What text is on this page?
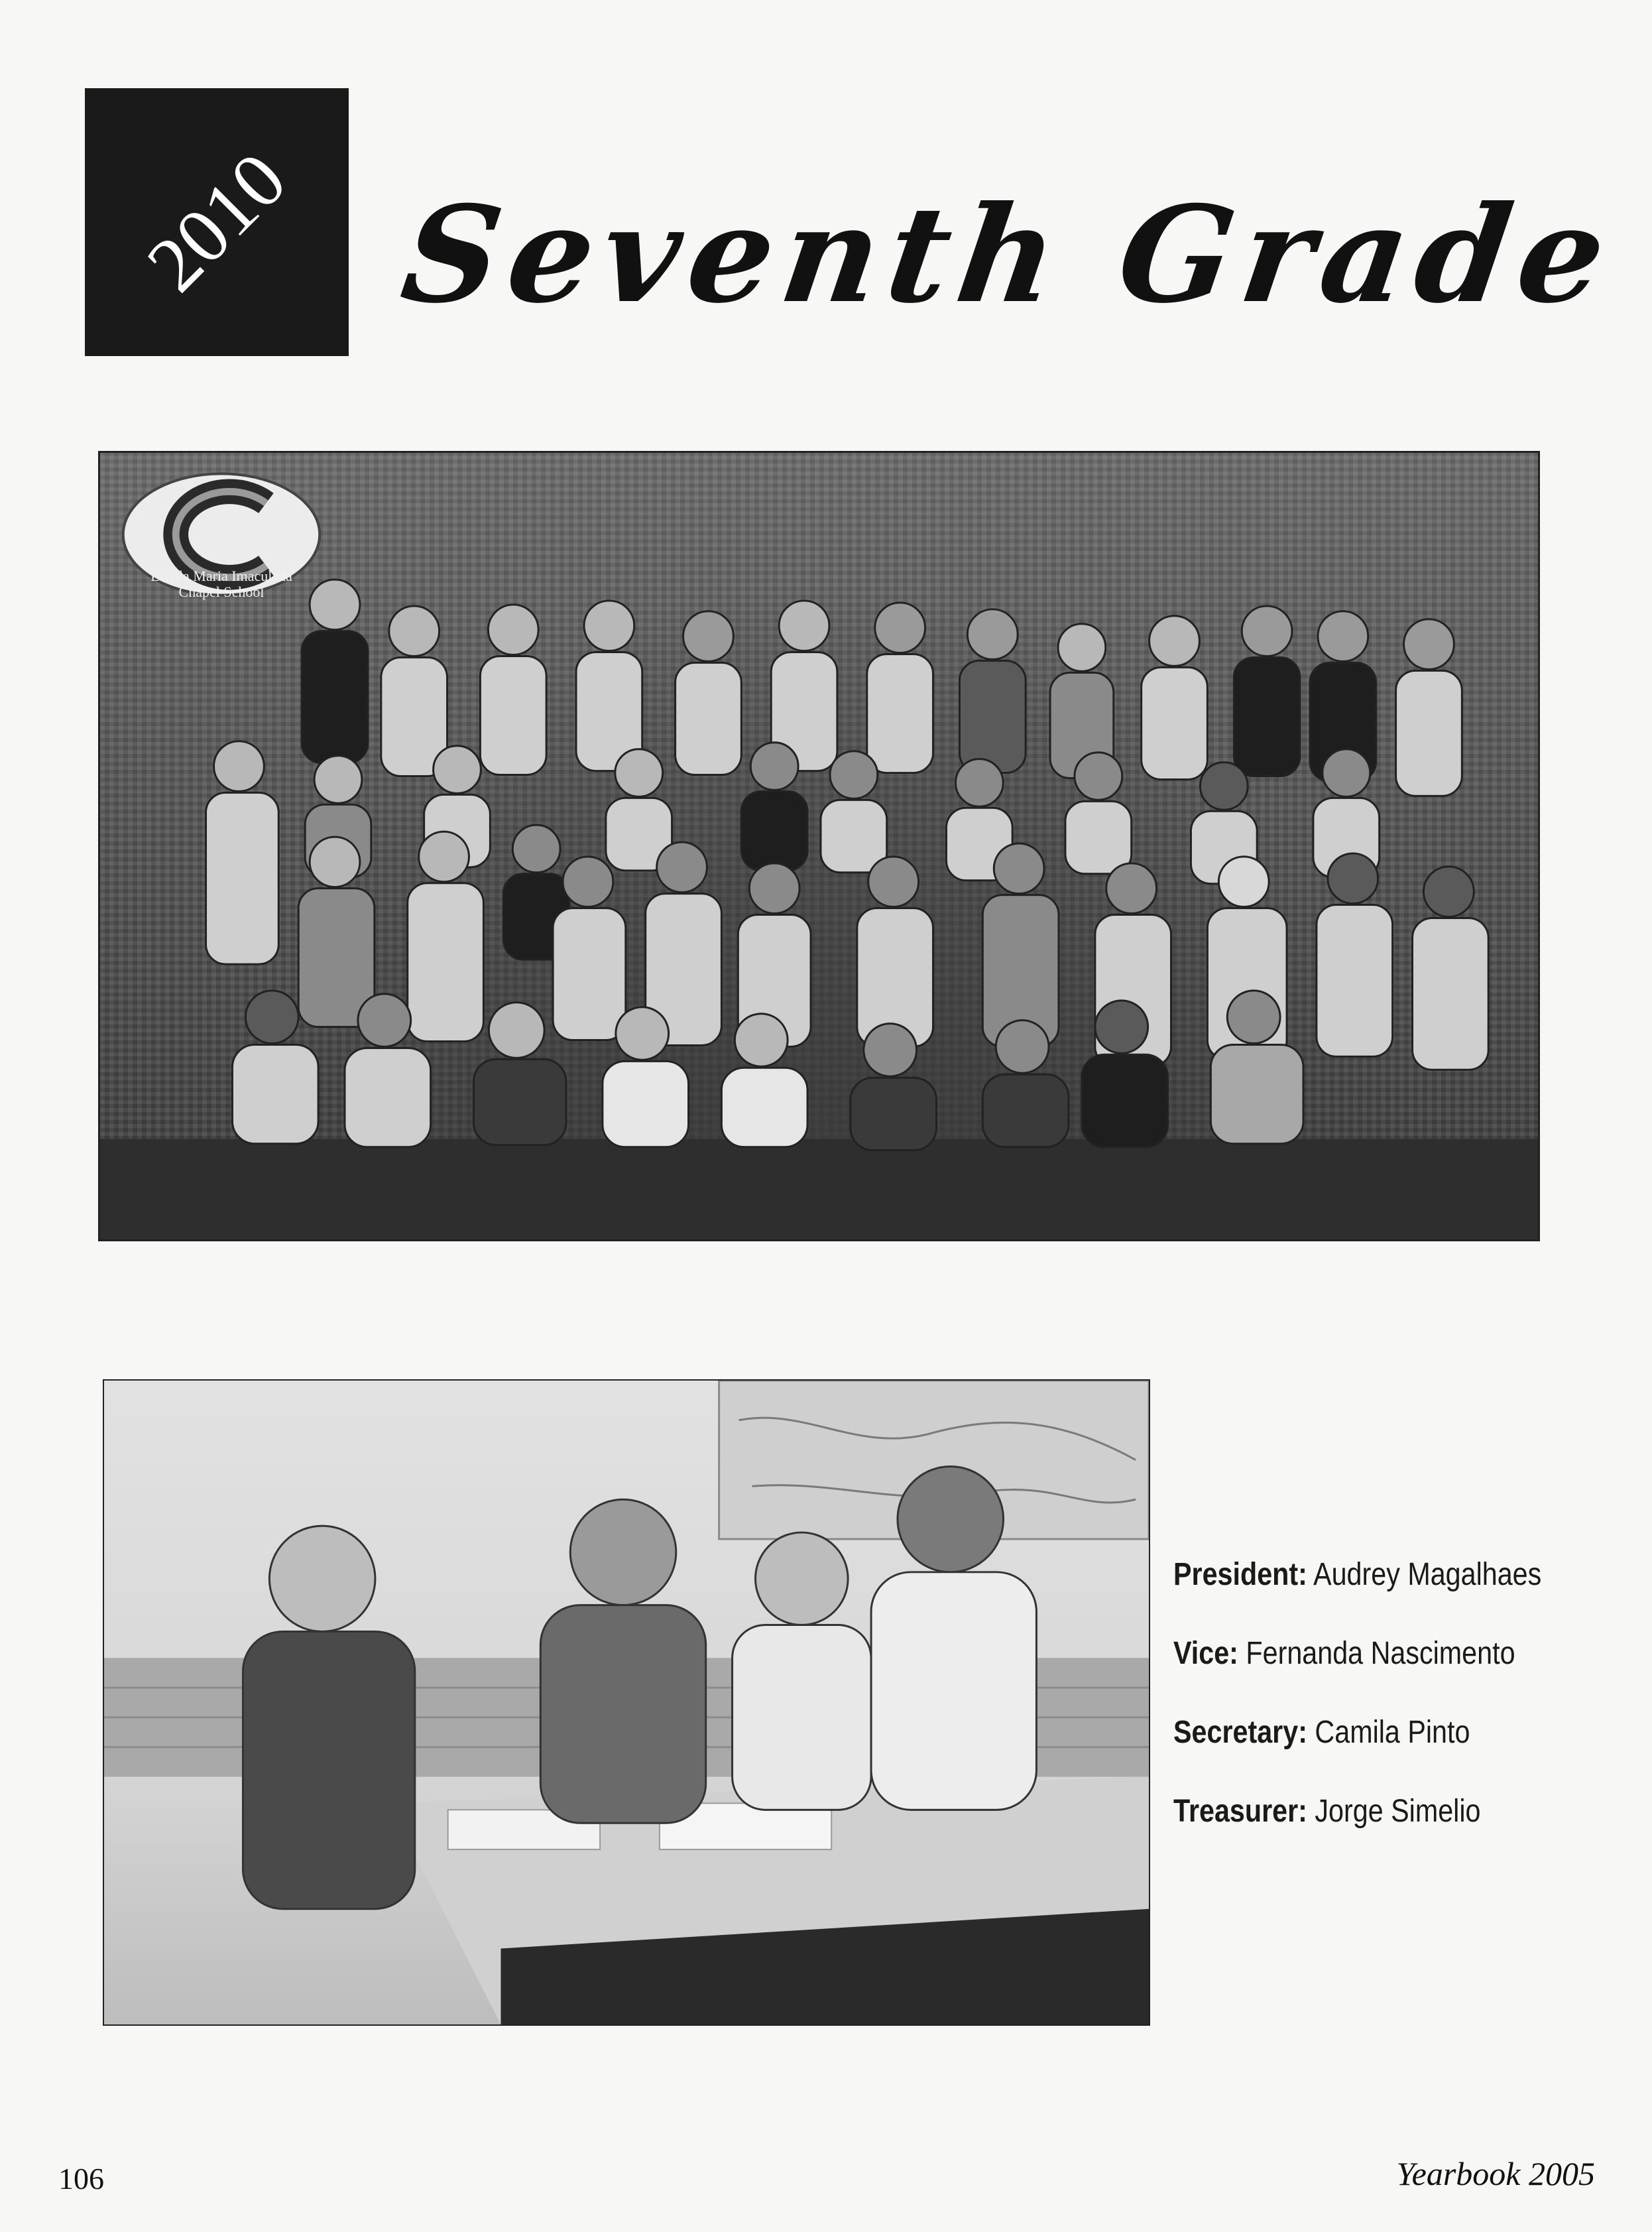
2010 Seventh Grade
Escola Maria Imaculada
Chapel School
President: Audrey Magalhaes
Vice: Fernanda Nascimento
Secretary: Camila Pinto
Treasurer: Jorge Simelio
106	Yearbook 2005
